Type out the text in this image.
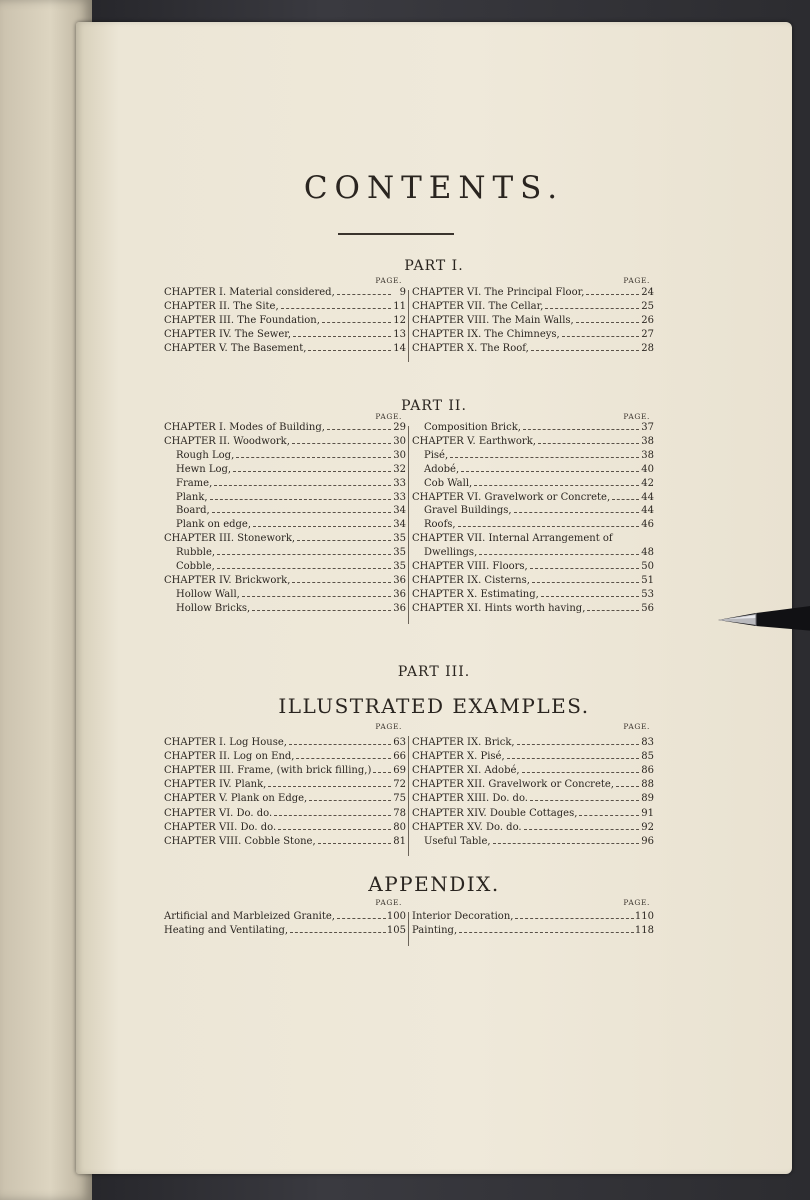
CONTENTS.
PART I.
PAGE.
CHAPTER I. Material considered,	9
CHAPTER II. The Site,	11
CHAPTER III. The Foundation,	12
CHAPTER IV. The Sewer,	13
CHAPTER V. The Basement,	14
PAGE.
CHAPTER VI. The Principal Floor,	24
CHAPTER VII. The Cellar,	25
CHAPTER VIII. The Main Walls,	26
CHAPTER IX. The Chimneys,	27
CHAPTER X. The Roof,	28
PART II.
PAGE.
CHAPTER I. Modes of Building,	29
CHAPTER II. Woodwork,	30
Rough Log,	30
Hewn Log,	32
Frame,	33
Plank,	33
Board,	34
Plank on edge,	34
CHAPTER III. Stonework,	35
Rubble,	35
Cobble,	35
CHAPTER IV. Brickwork,	36
Hollow Wall,	36
Hollow Bricks,	36
PAGE.
Composition Brick,	37
CHAPTER V. Earthwork,	38
Pisé,	38
Adobé,	40
Cob Wall,	42
CHAPTER VI. Gravelwork or Concrete,	44
Gravel Buildings,	44
Roofs,	46
CHAPTER VII. Internal Arrangement of
Dwellings,	48
CHAPTER VIII. Floors,	50
CHAPTER IX. Cisterns,	51
CHAPTER X. Estimating,	53
CHAPTER XI. Hints worth having,	56
PART III.
ILLUSTRATED EXAMPLES.
PAGE.
CHAPTER I. Log House,	63
CHAPTER II. Log on End,	66
CHAPTER III. Frame, (with brick filling,) 69
CHAPTER IV. Plank,	72
CHAPTER V. Plank on Edge,	75
CHAPTER VI. Do. do.	78
CHAPTER VII. Do. do.	80
CHAPTER VIII. Cobble Stone,	81
PAGE.
CHAPTER IX. Brick,	83
CHAPTER X. Pisé,	85
CHAPTER XI. Adobé,	86
CHAPTER XII. Gravelwork or Concrete,	88
CHAPTER XIII. Do. do.	89
CHAPTER XIV. Double Cottages,	91
CHAPTER XV. Do. do.	92
Useful Table,	96
APPENDIX.
PAGE.
Artificial and Marbleized Granite,	100
Heating and Ventilating,	105
PAGE.
Interior Decoration,	110
Painting,	118
